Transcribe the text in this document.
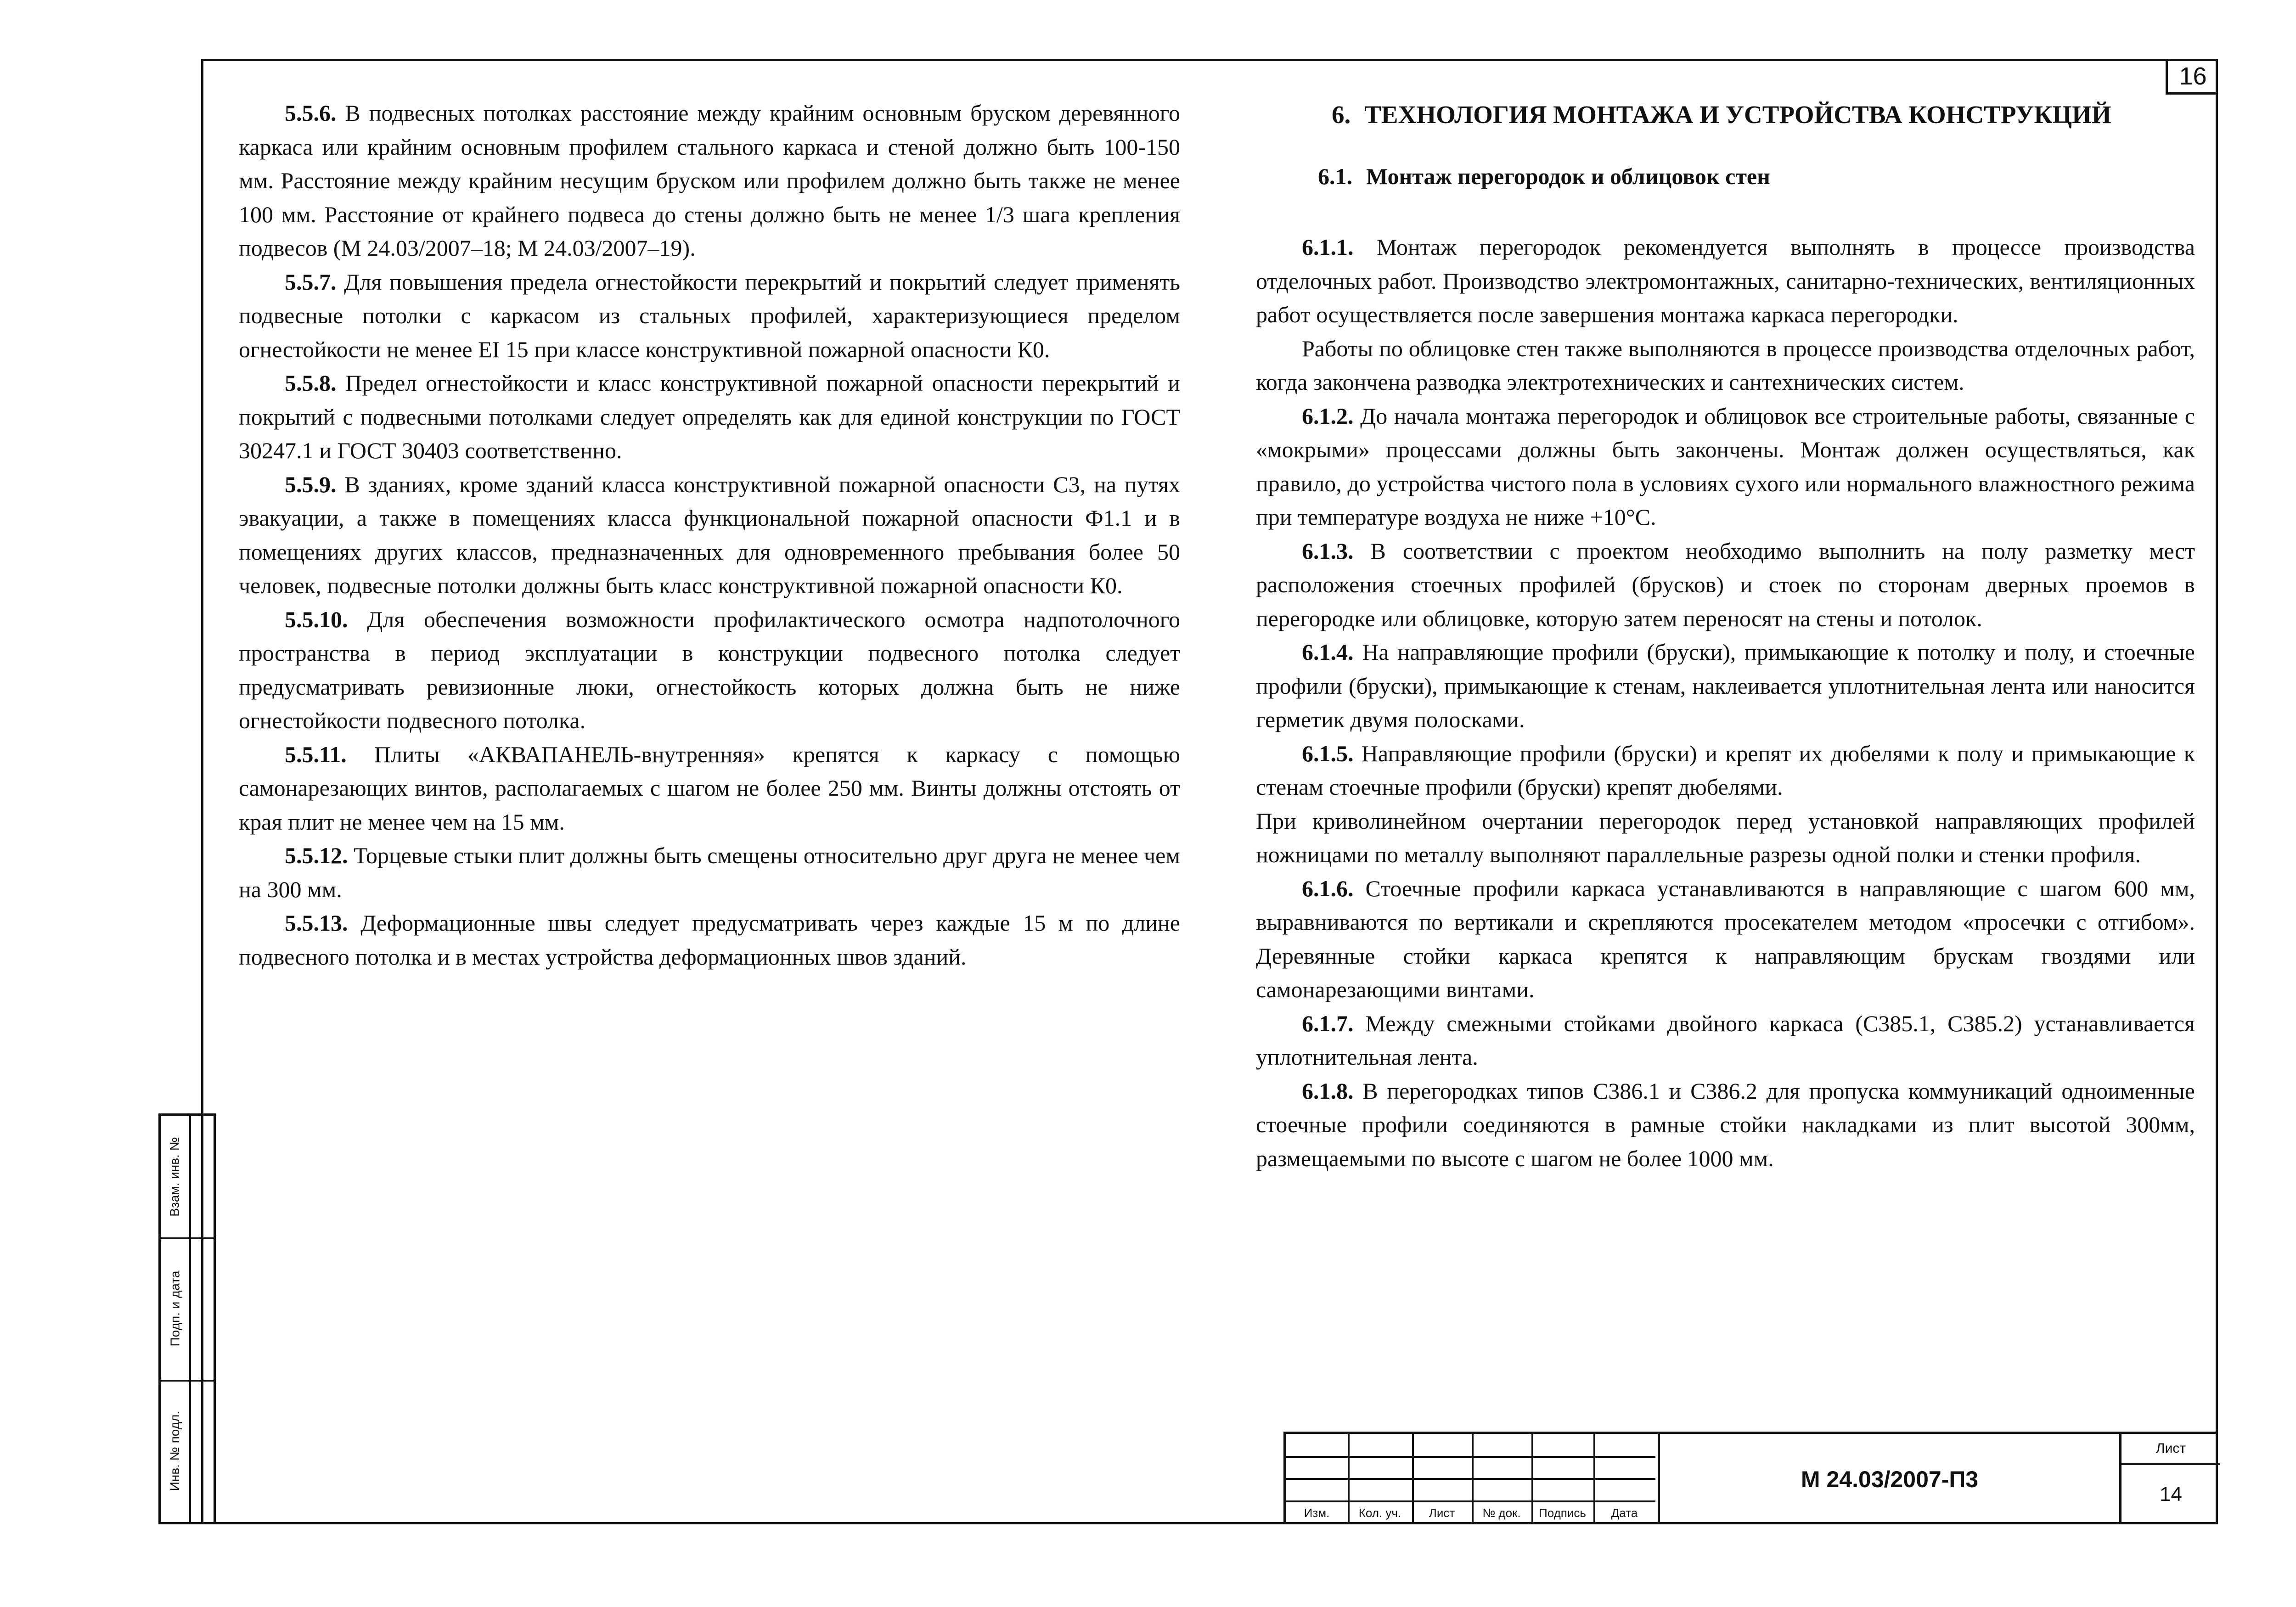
16

5.5.6. В подвесных потолках расстояние между крайним основным бруском деревянного каркаса или крайним основным профилем стального каркаса и стеной должно быть 100-150 мм. Расстояние между крайним несущим бруском или профилем должно быть также не менее 100 мм. Расстояние от крайнего подвеса до стены должно быть не менее 1/3 шага крепления подвесов (М 24.03/2007–18; М 24.03/2007–19).

5.5.7. Для повышения предела огнестойкости перекрытий и покрытий следует применять подвесные потолки с каркасом из стальных профилей, характеризующиеся пределом огнестойкости не менее EI 15 при классе конструктивной пожарной опасности К0.

5.5.8. Предел огнестойкости и класс конструктивной пожарной опасности перекрытий и покрытий с подвесными потолками следует определять как для единой конструкции по ГОСТ 30247.1 и ГОСТ 30403 соответственно.

5.5.9. В зданиях, кроме зданий класса конструктивной пожарной опасности С3, на путях эвакуации, а также в помещениях класса функциональной пожарной опасности Ф1.1 и в помещениях других классов, предназначенных для одновременного пребывания более 50 человек, подвесные потолки должны быть класс конструктивной пожарной опасности К0.

5.5.10. Для обеспечения возможности профилактического осмотра надпотолочного пространства в период эксплуатации в конструкции подвесного потолка следует предусматривать ревизионные люки, огнестойкость которых должна быть не ниже огнестойкости подвесного потолка.

5.5.11. Плиты «АКВАПАНЕЛЬ-внутренняя» крепятся к каркасу с помощью самонарезающих винтов, располагаемых с шагом не более 250 мм. Винты должны отстоять от края плит не менее чем на 15 мм.

5.5.12. Торцевые стыки плит должны быть смещены относительно друг друга не менее чем на 300 мм.

5.5.13. Деформационные швы следует предусматривать через каждые 15 м по длине подвесного потолка и в местах устройства деформационных швов зданий.

6. ТЕХНОЛОГИЯ МОНТАЖА И УСТРОЙСТВА КОНСТРУКЦИЙ
6.1. Монтаж перегородок и облицовок стен

6.1.1. Монтаж перегородок рекомендуется выполнять в процессе производства отделочных работ. Производство электромонтажных, санитарно-технических, вентиляционных работ осуществляется после завершения монтажа каркаса перегородки.

Работы по облицовке стен также выполняются в процессе производства отделочных работ, когда закончена разводка электротехнических и сантехнических систем.

6.1.2. До начала монтажа перегородок и облицовок все строительные работы, связанные с «мокрыми» процессами должны быть закончены. Монтаж должен осуществляться, как правило, до устройства чистого пола в условиях сухого или нормального влажностного режима при температуре воздуха не ниже +10°С.

6.1.3. В соответствии с проектом необходимо выполнить на полу разметку мест расположения стоечных профилей (брусков) и стоек по сторонам дверных проемов в перегородке или облицовке, которую затем переносят на стены и потолок.

6.1.4. На направляющие профили (бруски), примыкающие к потолку и полу, и стоечные профили (бруски), примыкающие к стенам, наклеивается уплотнительная лента или наносится герметик двумя полосками.

6.1.5. Направляющие профили (бруски) и крепят их дюбелями к полу и примыкающие к стенам стоечные профили (бруски) крепят дюбелями.

При криволинейном очертании перегородок перед установкой направляющих профилей ножницами по металлу выполняют параллельные разрезы одной полки и стенки профиля.

6.1.6. Стоечные профили каркаса устанавливаются в направляющие с шагом 600 мм, выравниваются по вертикали и скрепляются просекателем методом «просечки с отгибом». Деревянные стойки каркаса крепятся к направляющим брускам гвоздями или самонарезающими винтами.

6.1.7. Между смежными стойками двойного каркаса (С385.1, С385.2) устанавливается уплотнительная лента.

6.1.8. В перегородках типов С386.1 и С386.2 для пропуска коммуникаций одноименные стоечные профили соединяются в рамные стойки накладками из плит высотой 300мм, размещаемыми по высоте с шагом не более 1000 мм.

Взам. инв. №
Подп. и дата
Инв. № подл.
Изм.	Кол. уч.	Лист	№ док.	Подпись	Дата
М 24.03/2007-П3
Лист
14
